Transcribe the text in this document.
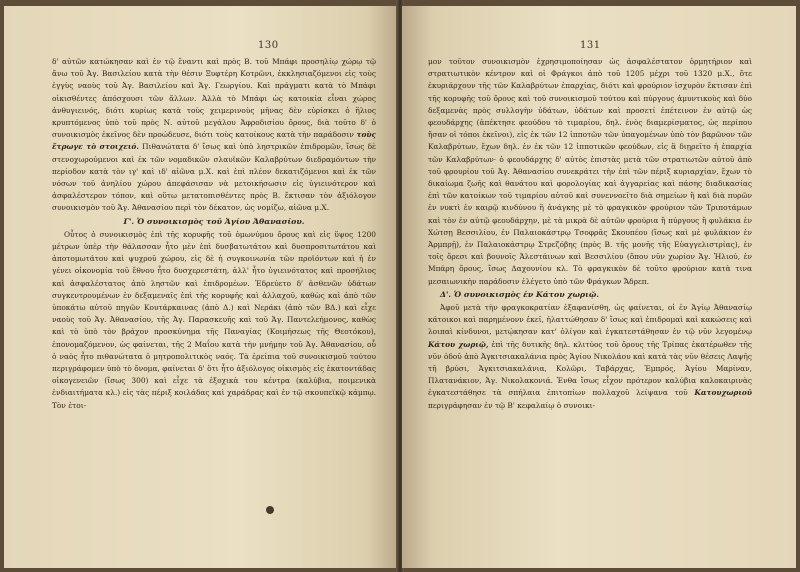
130

δ' αὐτῶν κατώκησαν καὶ ἐν τῷ ἔναντι καὶ πρὸς Β. τοῦ Μπάφι προσηλίῳ χώρῳ τῷ ἄνω τοῦ Ἀγ. Βασιλείου κατὰ τὴν θέσιν Ξυφτέρη Κοτρῶνι, ἐκκλησιαζόμενοι εἰς τοὺς ἐγγὺς ναοὺς τοῦ Ἀγ. Βασιλείου καὶ Ἀγ. Γεωργίου. Καὶ πράγματι κατὰ τὸ Μπάφι οἰκισθέντες ἀπόσχουσι τῶν ἄλλων. Ἀλλὰ τὸ Μπάφι ὡς κατοικία εἶναι χώρος ἀνθυγιεινός, διότι κυρίως κατὰ τοὺς χειμερινοὺς μῆνας δὲν εὑρίσκει ὁ ἥλιος κρυπτόμενος ὑπὸ τοῦ πρὸς Ν. αὐτοῦ μεγάλου Ἀφροδισίου ὄρους, διὰ τοῦτο δ' ὁ συνοικισμὸς ἐκεῖνος δὲν προώδευσε, διότι τοὺς κατοίκους κατὰ τὴν παράδοσιν τοὺς ἔτρωγε τὸ στοιχειό. Πιθανώτατα δ' ἴσως καὶ ὑπὸ ληστρικῶν ἐπιδρομῶν, ἴσως δὲ στενοχωρούμενοι καὶ ἐκ τῶν νομαδικῶν σλαυϊκῶν Καλαβρύτων διεδραμόντων τὴν περίοδον κατὰ τὸν ιγ' καὶ ιδ' αἰῶνα μ.Χ. καὶ ἐπὶ πλέον δεκατιζόμενοι καὶ ἐκ τῶν νόσων τοῦ ἀνηλίου χώρου ἀπεφάσισαν νὰ μετοικήσωσιν εἰς ὑγιεινότερον καὶ ἀσφαλέστερον τόπον, καὶ οὕτω μετατοπισθέντες πρὸς Β. ἔκτισαν τὸν ἀξιόλογον συνοικισμὸν τοῦ Ἀγ. Ἀθανασίου περὶ τὸν δέκατον, ὡς νομίζω, αἰῶνα μ.Χ.

Γ'. Ὁ συνοικισμὸς τοῦ Ἁγίου Ἀθανασίου.

Οὗτος ὁ συνοικισμὸς ἐπὶ τῆς κορυφῆς τοῦ ὁμωνύμου ὄρους καὶ εἰς ὕψος 1200 μέτρων ὑπὲρ τὴν θάλασσαν ἦτο μὲν ἐπὶ δυσβατωτάτου καὶ δυσπροσιτωτάτου καὶ ἀποτομωτάτου καὶ ψυχροῦ χώρου, εἰς δὲ ἡ συγκοινωνία τῶν προϊόντων καὶ ἡ ἐν γένει οἰκονομία τοῦ ἔθνου ἦτο δυσχερεστάτη, ἀλλ' ἦτο ὑγιεινότατος καὶ προσήλιος καὶ ἀσφαλέστατος ἀπὸ ληστῶν καὶ ἐπιδρομέων. Ἐδρεύετο δ' ἀσθενῶν ὑδάτων συγκεντρουμένων ἐν δεξαμεναῖς ἐπὶ τῆς κορυφῆς καὶ ἀλλαχοῦ, καθὼς καὶ ἀπὸ τῶν ὑποκάτω αὐτοῦ πηγῶν Κουτάρκαινας (ἀπὸ Δ.) καὶ Νεράκι (ἀπὸ τῶν ΒΔ.) καὶ εἶχε ναοὺς τοῦ Ἀγ. Ἀθανασίου, τῆς Ἀγ. Παρασκευῆς καὶ τοῦ Ἀγ. Παντελεήμονος, καθὼς καὶ τὸ ὑπὸ τὸν βράχον προσκύνημα τῆς Παναγίας (Κοιμήσεως τῆς Θεοτόκου), ἐπονομαζόμενον, ὡς φαίνεται, τῆς 2 Μαΐου κατὰ τὴν μνήμην τοῦ Ἀγ. Ἀθανασίου, οὗ ὁ ναὸς ἦτο πιθανώτατα ὁ μητροπολιτικὸς ναός. Τὰ ἐρείπια τοῦ συνοικισμοῦ τούτου περιγράφομεν ὑπὸ τὸ ὄνομα, φαίνεται δ' ὅτι ἦτο ἀξιόλογος οἰκισμὸς εἰς ἑκατοντάδας οἰκογενειῶν (ἴσως 300) καὶ εἶχε τὰ ἐξοχικὰ του κέντρα (καλύβια, ποιμενικὰ ἐνδιαιτήματα κλ.) εἰς τὰς πέριξ κοιλάδας καὶ χαράδρας καὶ ἐν τῷ σκουπεϊκῷ κάμπῳ. Τὸν ἑτοι-

131

μον τοῦτον συνοικισμὸν ἐχρησιμοποίησαν ὡς ἀσφαλέστατον ὁρμητήριον καὶ στρατιωτικὸν κέντρον καὶ οἱ Φράγκοι ἀπὸ τοῦ 1205 μέχρι τοῦ 1320 μ.Χ., ὅτε ἐκυριάρχουν τῆς τῶν Καλαβρύτων ἐπαρχίας, διότι καὶ φρούριον ἰσχυρὸν ἔκτισαν ἐπὶ τῆς κορυφῆς τοῦ ὄρους καὶ τοῦ συνοικισμοῦ τούτου καὶ πύργους ἀμυντικοὺς καὶ δύο δεξαμενὰς πρὸς συλλογὴν ὑδάτων, ὑδάτων καὶ προσετί ἐπέτεινον ἐν αὐτῷ ὡς φεουδάρχης (ἀπέκτησε φεούδου τὸ τιμαρίου, δηλ. ἑνὸς διαμερίσματος, ὡς περίπου ἤσαν οἱ τόποι ἐκεῖνοι), εἰς ἐκ τῶν 12 ἱπποτῶν τῶν ὑπαγομένων ὑπὸ τὸν βαρῶνον τῶν Καλαβρύτων, ἔχων δηλ. ἐν ἐκ τῶν 12 ἱπποτικῶν φεούδων, εἰς ἃ διῃρεῖτο ἡ ἐπαρχία τῶν Καλαβρύτων· ὁ φεουδάρχης δ' αὐτὸς ἐπιστὰς μετὰ τῶν στρατιωτῶν αὐτοῦ ἀπὸ τοῦ φρουρίου τοῦ Ἀγ. Ἀθανασίου συνεκράτει τὴν ἐπὶ τῶν πέριξ κυριαρχίαν, ἔχων τὸ δικαίωμα ζωῆς καὶ θανάτου καὶ φορολογίας καὶ ἀγγαρείας καὶ πάσης διαδικασίας ἐπὶ τῶν κατοίκων τοῦ τιμαρίου αὐτοῦ καὶ συνεννοεῖτο διὰ σημείων ἢ καὶ διὰ πυρῶν ἐν νυκτὶ ἐν καιρῷ κινδύνου ἢ ἀνάγκης μὲ τὸ φραγκικὸν φρούριον τῶν Τριποτάμων καὶ τὸν ἐν αὐτῷ φεουδάρχην, μὲ τὰ μικρὰ δὲ αὐτῶν φρούρια ἢ πύργους ἢ φυλάκια ἐν Χώτσῃ Βεσσιλίου, ἐν Παλαιοκάστρῳ Τσοφρᾶς Σκουπέου (ἴσως καὶ μὲ φυλάκιον ἐν Ἁρμπρῇ), ἐν Παλαιοκάστρῳ Στρεζόβης (πρὸς Β. τῆς μονῆς τῆς Εὐαγγελιστρίας), ἐν τοῖς ὄρεσι καὶ βουνοῖς Ἀλεστάινων καὶ Βεσσιλίου (ὅπου νῦν χωρίον Ἀγ. Ἠλιού, ἐν Μπάρη ὄρους, ἴσως Δαχουνίου κλ. Τὸ φραγκικὸν δὲ τοῦτο φρούριον κατὰ τινα μεσαιωνικὴν παράδοσιν ἐλέγετο ὑπὸ τῶν Φράγκων Ἄδρεπ.

Δ'. Ὁ συνοικισμὸς ἐν Κάτου χωριῷ.

Ἀφοῦ μετὰ τὴν φραγκοκρατίαν ἐξαφανίσθη, ὡς φαίνεται, οἱ ἐν Ἀγίῳ Ἀθανασίῳ κάτοικοι καὶ παρημένονν ἐκεῖ, ἠλαττώθησαν δ' ἴσως καὶ ἐπιδρομαὶ καὶ κακώσεις καὶ λοιπαὶ κίνδυνοι, μετῴκησαν κατ' ὀλίγον καὶ ἐγκατεστάθησαν ἐν τῷ νῦν λεγομένῳ Κάτου χωριῷ, ἐπὶ τῆς δυτικῆς δηλ. κλιτύος τοῦ ὄρους τῆς Τρίπας ἑκατέρωθεν τῆς νῦν ὁδοῦ ἀπὸ Ἀγκιτσιακαλάνια πρὸς Ἁγίου Νικολάου καὶ κατὰ τὰς νῦν θέσεις Λαψῆς τῆ βρύσι, Ἀγκιτσιακαλάνια, Κολῶρι, Ταβάρχας, Ἐμπρός, Ἁγίου Μαρίναν, Πλατανάκιον, Ἀγ. Νικολακονιά. Ἐνθα ἴσως εἶχον πρότερον καλύβια καλοκαιρινὰς ἐγκατεστάθησε τὰ σπήλαια ἐπιτοπίων πολλαχοῦ λείψανα τοῦ Κατουχωριοῦ περιγράφησαν ἐν τῷ Β' κεφαλαίῳ ὁ συνοικι-
